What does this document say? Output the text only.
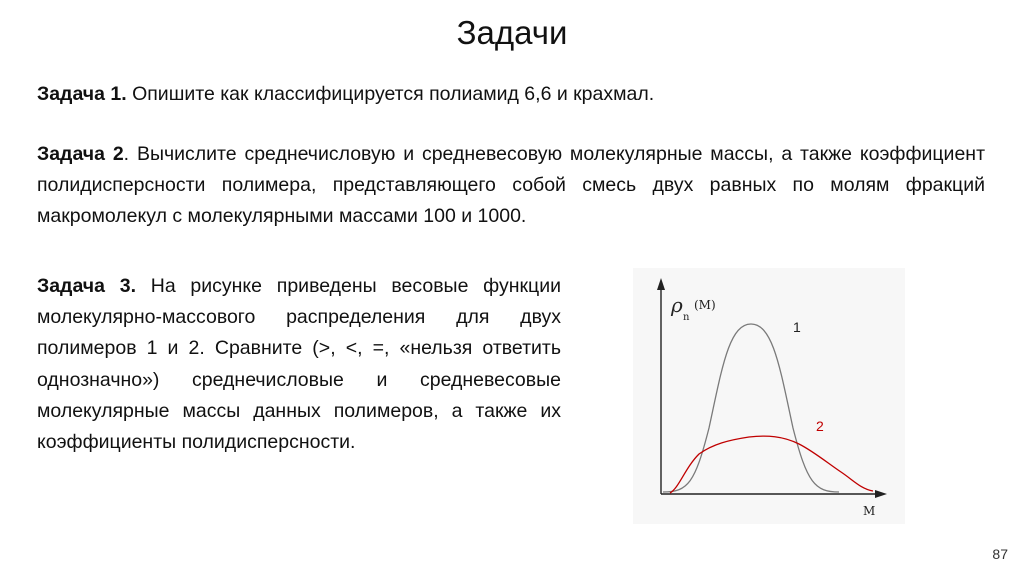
Задачи
Задача 1. Опишите как классифицируется полиамид 6,6 и крахмал.
Задача 2. Вычислите среднечисловую и средневесовую молекулярные массы, а также коэффициент полидисперсности полимера, представляющего собой смесь двух равных по молям фракций макромолекул с молекулярными массами 100 и 1000.
Задача 3. На рисунке приведены весовые функции молекулярно-массового распределения для двух полимеров 1 и 2. Сравните (>, <, =, «нельзя ответить однозначно») среднечисловые и средневесовые молекулярные массы данных полимеров, а также их коэффициенты полидисперсности.
ρ
n
(M)
M
1
2
87
